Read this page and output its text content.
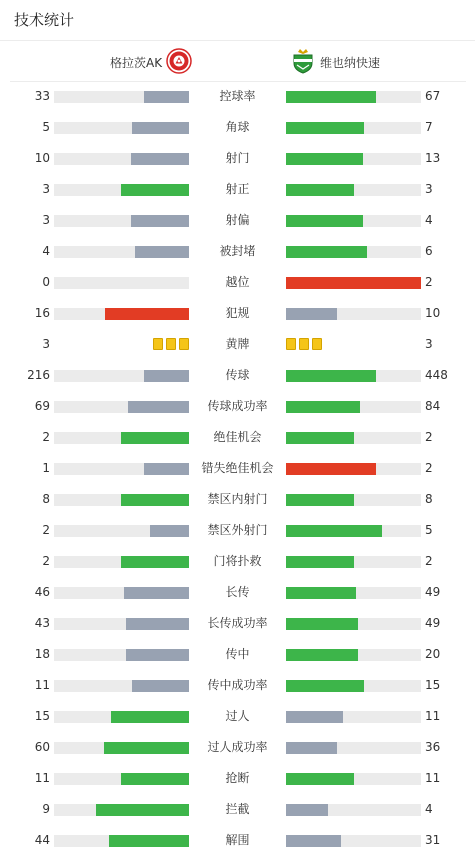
技术统计
格拉茨AK	维也纳快速
33	控球率	67
5	角球	7
10	射门	13
3	射正	3
3	射偏	4
4	被封堵	6
0	越位	2
16	犯规	10
3	黄牌	3
216	传球	448
69	传球成功率	84
2	绝佳机会	2
1	错失绝佳机会	2
8	禁区内射门	8
2	禁区外射门	5
2	门将扑救	2
46	长传	49
43	长传成功率	49
18	传中	20
11	传中成功率	15
15	过人	11
60	过人成功率	36
11	抢断	11
9	拦截	4
44	解围	31
